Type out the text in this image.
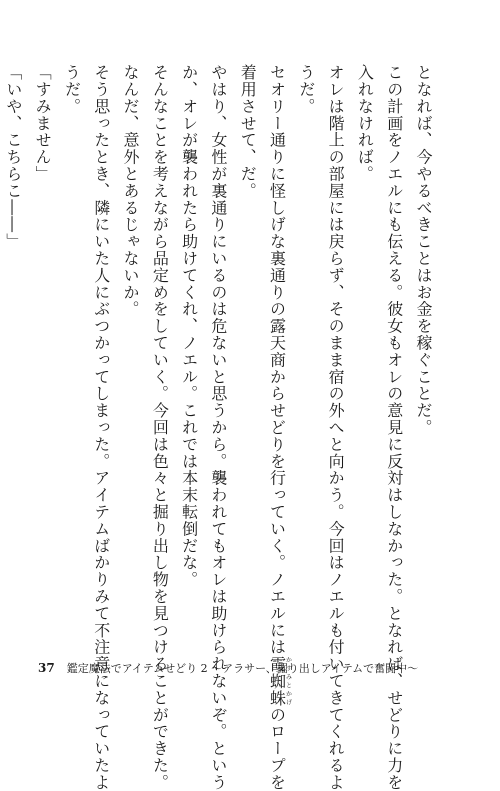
となれば、今やるべきことはお金を稼ぐことだ。
この計画をノエルにも伝える。彼女もオレの意見に反対はしなかった。となれば、せどりに力を
入れなければ。
オレは階上の部屋には戻らず、そのまま宿の外へと向かう。今回はノエルも付いてきてくれるよ
うだ。
セオリー通りに怪しげな裏通りの露天商からせどりを行っていく。ノエルには霞蜘蛛かすみとかげのロープを
着用させて、だ。
やはり、女性が裏通りにいるのは危ないと思うから。襲われてもオレは助けられないぞ。という
か、オレが襲われたら助けてくれ、ノエル。これでは本末転倒だな。
そんなことを考えながら品定めをしていく。今回は色々と掘り出し物を見つけることができた。
なんだ、意外とあるじゃないか。
そう思ったとき、隣にいた人にぶつかってしまった。アイテムばかりみて不注意になっていたよ
うだ。
「すみません」
「いや、こちらこ――」
37 鑑定魔法でアイテムせどり 2 〜アラサー、掘り出しアイテムで奮闘中〜
